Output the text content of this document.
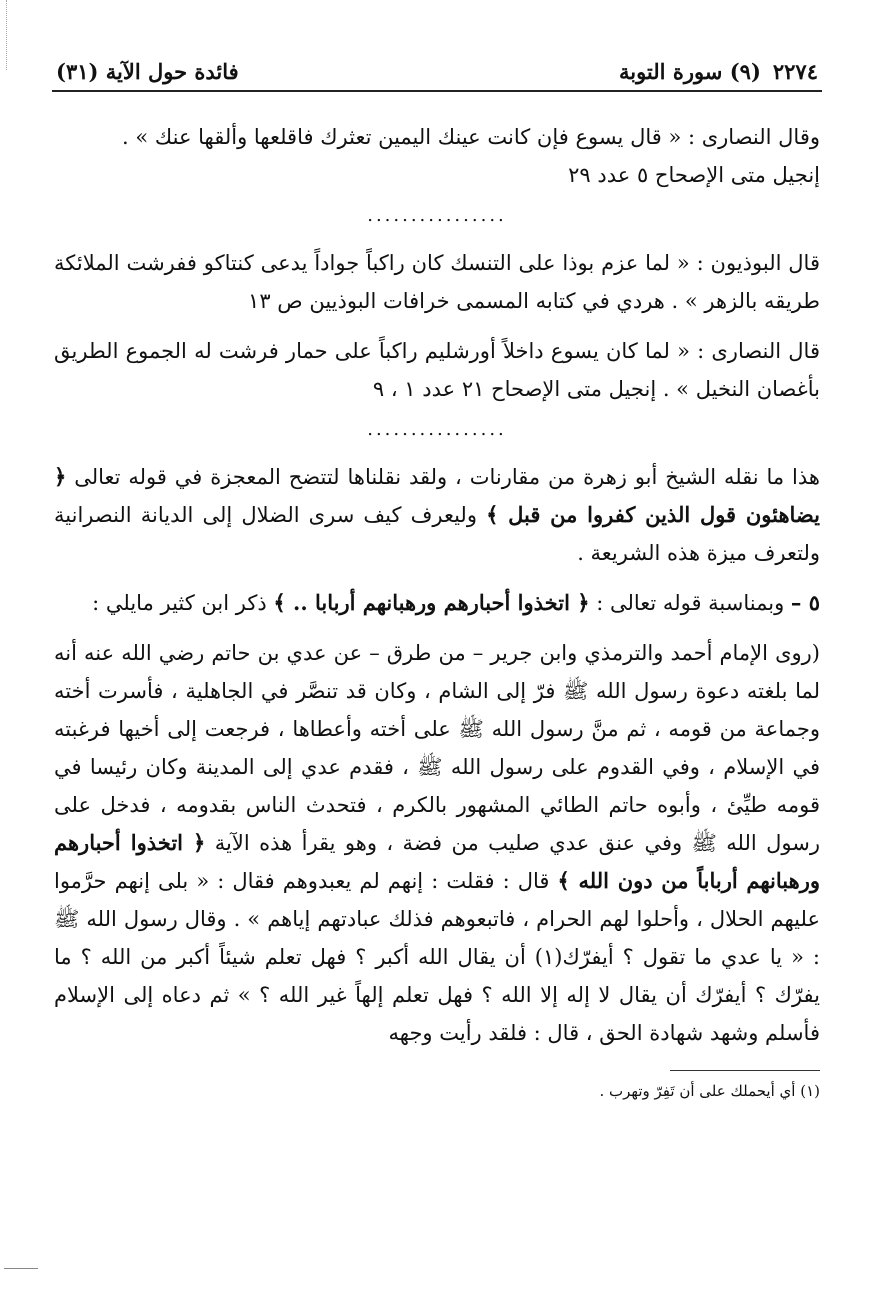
٢٢٧٤
(٩) سورة التوبة
فائدة حول الآية (٣١)

وقال النصارى : « قال يسوع فإن كانت عينك اليمين تعثرك فاقلعها وألقها عنك » .

إنجيل متى الإصحاح ٥ عدد ٢٩

................

قال البوذيون : « لما عزم بوذا على التنسك كان راكباً جواداً يدعى كنتاكو ففرشت الملائكة طريقه بالزهر » . هردي في كتابه المسمى خرافات البوذيين ص ١٣

قال النصارى : « لما كان يسوع داخلاً أورشليم راكباً على حمار فرشت له الجموع الطريق بأغصان النخيل » . إنجيل متى الإصحاح ٢١ عدد ١ ، ٩

................

هذا ما نقله الشيخ أبو زهرة من مقارنات ، ولقد نقلناها لتتضح المعجزة في قوله تعالى ﴿ يضاهئون قول الذين كفروا من قبل ﴾ وليعرف كيف سرى الضلال إلى الديانة النصرانية ولتعرف ميزة هذه الشريعة .

٥ – وبمناسبة قوله تعالى : ﴿ اتخذوا أحبارهم ورهبانهم أربابا .. ﴾ ذكر ابن كثير مايلي :

(روى الإمام أحمد والترمذي وابن جرير – من طرق – عن عدي بن حاتم رضي الله عنه أنه لما بلغته دعوة رسول الله ﷺ فرّ إلى الشام ، وكان قد تنصَّر في الجاهلية ، فأسرت أخته وجماعة من قومه ، ثم منَّ رسول الله ﷺ على أخته وأعطاها ، فرجعت إلى أخيها فرغبته في الإسلام ، وفي القدوم على رسول الله ﷺ ، فقدم عدي إلى المدينة وكان رئيسا في قومه طيِّئ ، وأبوه حاتم الطائي المشهور بالكرم ، فتحدث الناس بقدومه ، فدخل على رسول الله ﷺ وفي عنق عدي صليب من فضة ، وهو يقرأ هذه الآية ﴿ اتخذوا أحبارهم ورهبانهم أرباباً من دون الله ﴾ قال : فقلت : إنهم لم يعبدوهم فقال : « بلى إنهم حرَّموا عليهم الحلال ، وأحلوا لهم الحرام ، فاتبعوهم فذلك عبادتهم إياهم » . وقال رسول الله ﷺ : « يا عدي ما تقول ؟ أيفرّك(١) أن يقال الله أكبر ؟ فهل تعلم شيئاً أكبر من الله ؟ ما يفرّك ؟ أيفرّك أن يقال لا إله إلا الله ؟ فهل تعلم إلهاً غير الله ؟ » ثم دعاه إلى الإسلام فأسلم وشهد شهادة الحق ، قال : فلقد رأيت وجهه

(١) أي أيحملك على أن تَفِرّ وتهرب .
